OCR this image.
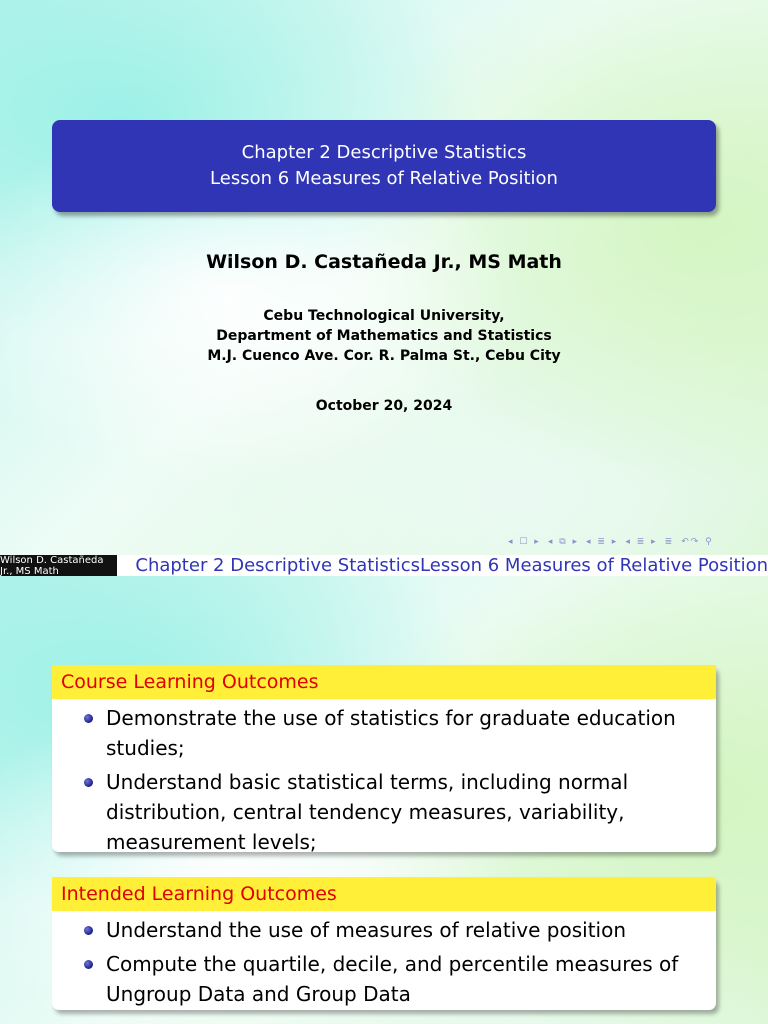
Chapter 2 Descriptive Statistics
Lesson 6 Measures of Relative Position
Wilson D. Castañeda Jr., MS Math
Cebu Technological University,
Department of Mathematics and Statistics
M.J. Cuenco Ave. Cor. R. Palma St., Cebu City
October 20, 2024
◂ ☐ ▸ ◂ ⧉ ▸ ◂ ≣ ▸ ◂ ≣ ▸ ≣ ↶↷ ⚲
Wilson D. Castañeda Jr., MS Math	Chapter 2 Descriptive StatisticsLesson 6 Measures of Relative Position
Course Learning Outcomes
Demonstrate the use of statistics for graduate education studies;
Understand basic statistical terms, including normal distribution, central tendency measures, variability, measurement levels;
Intended Learning Outcomes
Understand the use of measures of relative position
Compute the quartile, decile, and percentile measures of Ungroup Data and Group Data
